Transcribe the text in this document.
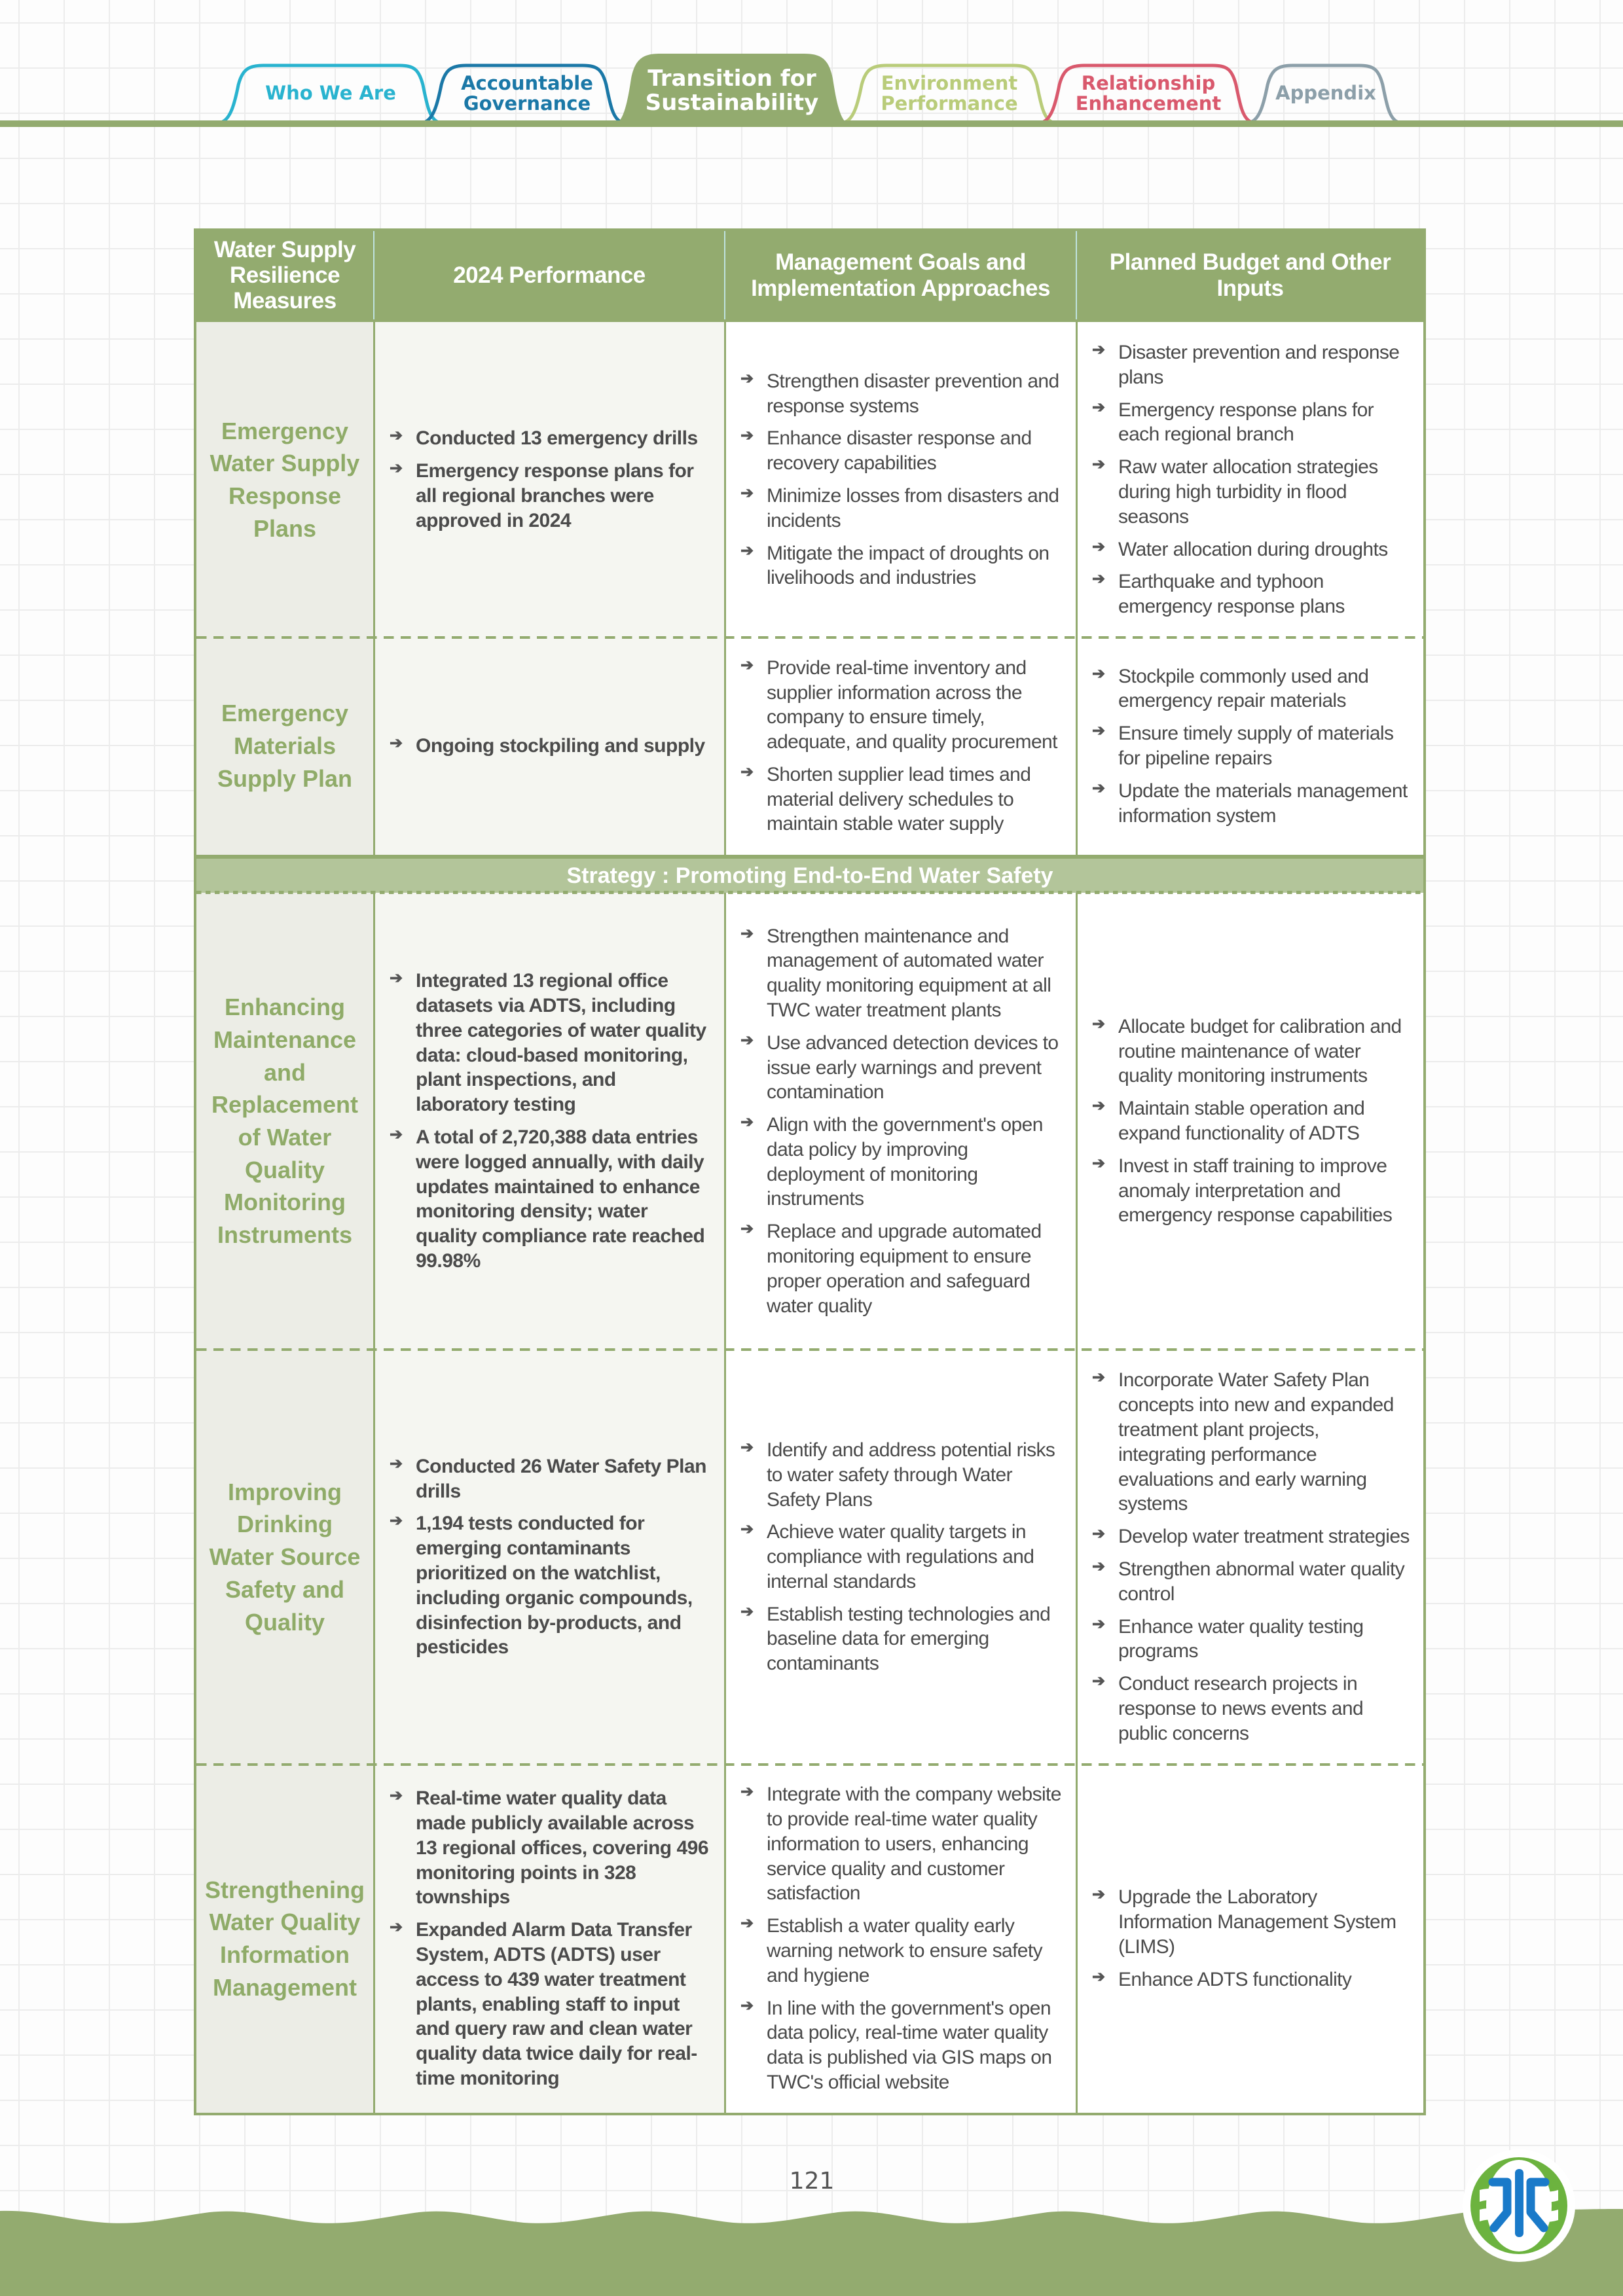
Who We Are	Accountable Governance
Transition for Sustainability
Environment Performance
Relationship Enhancement	Appendix
Water Supply Resilience Measures
2024 Performance
Management Goals and Implementation Approaches
Planned Budget and Other Inputs
Emergency Water Supply Response Plans
➔ Conducted 13 emergency drills
➔ Emergency response plans for all regional branches were approved in 2024
➔ Strengthen disaster prevention and response systems
➔ Enhance disaster response and recovery capabilities
➔ Minimize losses from disasters and incidents
➔ Mitigate the impact of droughts on livelihoods and industries
➔ Disaster prevention and response plans
➔ Emergency response plans for each regional branch
➔ Raw water allocation strategies during high turbidity in flood seasons
➔ Water allocation during droughts
➔ Earthquake and typhoon emergency response plans
Emergency Materials Supply Plan
➔ Ongoing stockpiling and supply
➔ Provide real-time inventory and supplier information across the company to ensure timely, adequate, and quality procurement
➔ Shorten supplier lead times and material delivery schedules to maintain stable water supply
➔ Stockpile commonly used and emergency repair materials
➔ Ensure timely supply of materials for pipeline repairs
➔ Update the materials management information system
Strategy : Promoting End-to-End Water Safety
Enhancing Maintenance and Replacement of Water Quality Monitoring Instruments
➔ Integrated 13 regional office datasets via ADTS, including three categories of water quality data: cloud-based monitoring, plant inspections, and laboratory testing
➔ A total of 2,720,388 data entries were logged annually, with daily updates maintained to enhance monitoring density; water quality compliance rate reached 99.98%
➔ Strengthen maintenance and management of automated water quality monitoring equipment at all TWC water treatment plants
➔ Use advanced detection devices to issue early warnings and prevent contamination
➔ Align with the government's open data policy by improving deployment of monitoring instruments
➔ Replace and upgrade automated monitoring equipment to ensure proper operation and safeguard water quality
➔ Allocate budget for calibration and routine maintenance of water quality monitoring instruments
➔ Maintain stable operation and expand functionality of ADTS
➔ Invest in staff training to improve anomaly interpretation and emergency response capabilities
Improving Drinking Water Source Safety and Quality
➔ Conducted 26 Water Safety Plan drills
➔ 1,194 tests conducted for emerging contaminants prioritized on the watchlist, including organic compounds, disinfection by-products, and pesticides
➔ Identify and address potential risks to water safety through Water Safety Plans
➔ Achieve water quality targets in compliance with regulations and internal standards
➔ Establish testing technologies and baseline data for emerging contaminants
➔ Incorporate Water Safety Plan concepts into new and expanded treatment plant projects, integrating performance evaluations and early warning systems
➔ Develop water treatment strategies
➔ Strengthen abnormal water quality control
➔ Enhance water quality testing programs
➔ Conduct research projects in response to news events and public concerns
Strengthening Water Quality Information Management
➔ Real-time water quality data made publicly available across 13 regional offices, covering 496 monitoring points in 328 townships
➔ Expanded Alarm Data Transfer System, ADTS (ADTS) user access to 439 water treatment plants, enabling staff to input and query raw and clean water quality data twice daily for real-time monitoring
➔ Integrate with the company website to provide real-time water quality information to users, enhancing service quality and customer satisfaction
➔ Establish a water quality early warning network to ensure safety and hygiene
➔ In line with the government's open data policy, real-time water quality data is published via GIS maps on TWC's official website
➔ Upgrade the Laboratory Information Management System (LIMS)
➔ Enhance ADTS functionality
121
